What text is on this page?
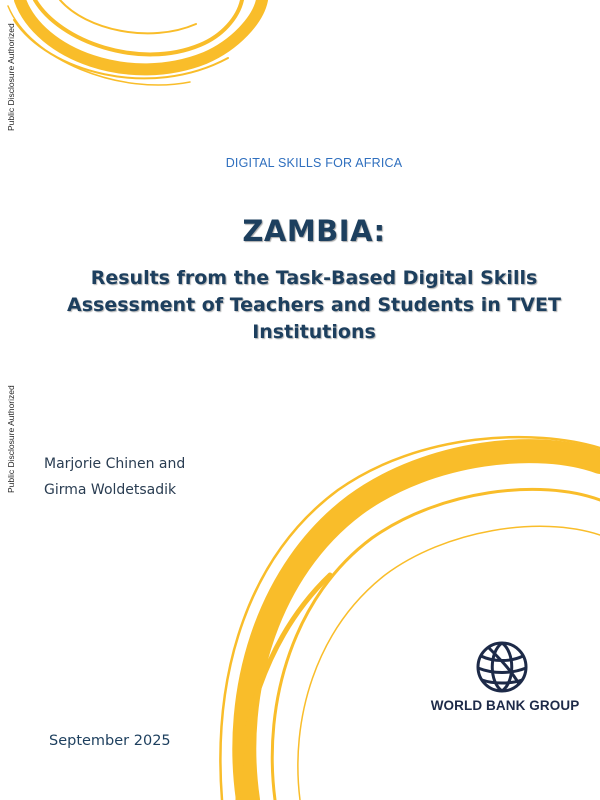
Public Disclosure Authorized
Public Disclosure Authorized
DIGITAL SKILLS FOR AFRICA
ZAMBIA:
Results from the Task-Based Digital Skills
Assessment of Teachers and Students in TVET
Institutions
Marjorie Chinen and
Girma Woldetsadik
September 2025
WORLD BANK GROUP
